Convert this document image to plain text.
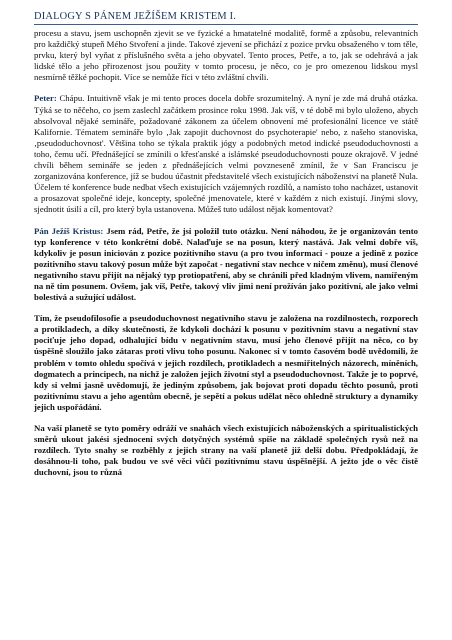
DIALOGY S PÁNEM JEŽÍŠEM KRISTEM I.

procesu a stavu, jsem uschopněn zjevit se ve fyzické a hmatatelné modalitě, formě a způsobu, relevantních pro každičký stupeň Mého Stvoření a jinde. Takové zjevení se přichází z pozice prvku obsaženého v tom těle, prvku, který byl vyňat z příslušného světa a jeho obyvatel. Tento proces, Petře, a to, jak se odehrává a jak lidské tělo a jeho přirozenost jsou použity v tomto procesu, je něco, co je pro omezenou lidskou mysl nesmírně těžké pochopit. Více se nemůže říci v této zvláštní chvíli.

Peter: Chápu. Intuitivně však je mi tento proces docela dobře srozumitelný. A nyní je zde má druhá otázka. Týká se to něčeho, co jsem zaslechl začátkem prosince roku 1998. Jak víš, v té době mi bylo uloženo, abych absolvoval nějaké semináře, požadované zákonem za účelem obnovení mé profesionální licence ve státě Kalifornie. Tématem semináře bylo ‚Jak zapojit duchovnost do psychoterapie' nebo, z našeho stanoviska, ‚pseudoduchovnost'. Většina toho se týkala praktik jógy a podobných metod indické pseudoduchovnosti a toho, čemu učí. Přednášející se zmínili o křesťanské a islámské pseudoduchovnosti pouze okrajově. V jedné chvíli během semináře se jeden z přednášejících velmi povzneseně zmínil, že v San Franciscu je zorganizována konference, jíž se budou účastnit představitelé všech existujících náboženství na planetě Nula. Účelem té konference bude nedbat všech existujících vzájemných rozdílů, a namísto toho nacházet, ustanovit a prosazovat společné ideje, koncepty, společné jmenovatele, které v každém z nich existují. Jinými slovy, sjednotit úsilí a cíl, pro který byla ustanovena. Můžeš tuto událost nějak komentovat?

Pán Ježíš Kristus: Jsem rád, Petře, že jsi položil tuto otázku. Není náhodou, že je organizován tento typ konference v této konkrétní době. Nalaďuje se na posun, který nastává. Jak velmi dobře víš, kdykoliv je posun iniciován z pozice pozitivního stavu (a pro tvou informaci - pouze a jedině z pozice pozitivního stavu takový posun může být započat - negativní stav nechce v ničem změnu), musí členové negativního stavu přijít na nějaký typ protiopatření, aby se chránili před kladným vlivem, namířeným na ně tím posunem. Ovšem, jak víš, Petře, takový vliv jimi není prožíván jako pozitivní, ale jako velmi bolestivá a sužující událost.

Tím, že pseudofilosofie a pseudoduchovnost negativního stavu je založena na rozdílnostech, rozporech a protikladech, a díky skutečnosti, že kdykoli dochází k posunu v pozitivním stavu a negativní stav pociťuje jeho dopad, odhalující bídu v negativním stavu, musí jeho členové přijít na něco, co by úspěšně sloužilo jako zátaras proti vlivu toho posunu. Nakonec si v tomto časovém bodě uvědomili, že problém v tomto ohledu spočívá v jejich rozdílech, protikladech a nesmiřitelných názorech, míněních, dogmatech a principech, na nichž je založen jejich životní styl a pseudoduchovnost. Takže je to poprvé, kdy si velmi jasně uvědomují, že jediným způsobem, jak bojovat proti dopadu těchto posunů, proti pozitivnímu stavu a jeho agentům obecně, je sepětí a pokus udělat něco ohledně struktury a dynamiky jejich uspořádání.

Na vaší planetě se tyto poměry odráží ve snahách všech existujících náboženských a spiritualistických směrů ukout jakési sjednocení svých dotyčných systémů spíše na základě společných rysů než na rozdílech. Tyto snahy se rozběhly z jejich strany na vaší planetě již delší dobu. Předpokládají, že dosáhnou-li toho, pak budou ve své věci vůči pozitivnímu stavu úspěšnější. A ježto jde o věc čistě duchovní, jsou to různá
